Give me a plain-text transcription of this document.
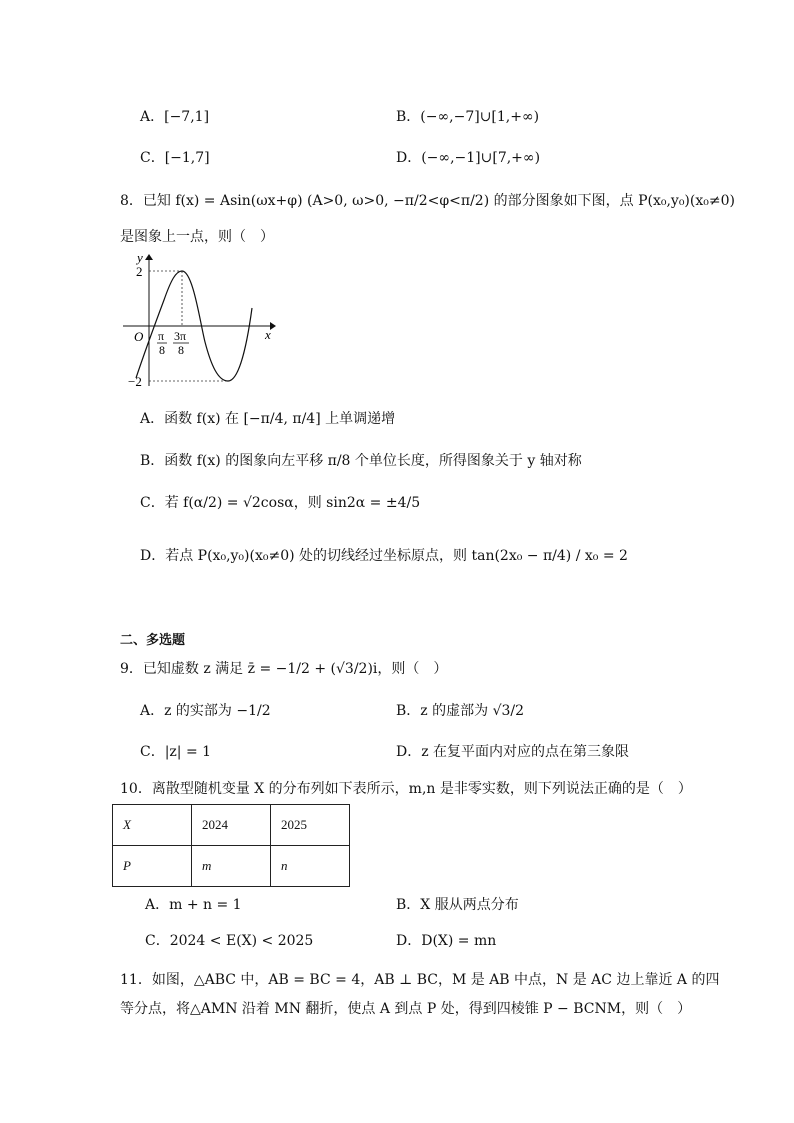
A．[−7,1]	B．(−∞,−7]∪[1,+∞)
C．[−1,7]	D．(−∞,−1]∪[7,+∞)
8．已知 f(x) = Asin(ωx+φ) (A>0, ω>0, −π/2<φ<π/2) 的部分图象如下图，点 P(x₀,y₀)(x₀≠0)
是图象上一点，则（　）
y
x
O
2
−2
π
8
3π
8
A．函数 f(x) 在 [−π/4, π/4] 上单调递增
B．函数 f(x) 的图象向左平移 π/8 个单位长度，所得图象关于 y 轴对称
C．若 f(α/2) = √2cosα，则 sin2α = ±4/5
D．若点 P(x₀,y₀)(x₀≠0) 处的切线经过坐标原点，则 tan(2x₀ − π/4) / x₀ = 2
二、多选题
9．已知虚数 z 满足 z̄ = −1/2 + (√3/2)i，则（　）
A．z 的实部为 −1/2	B．z 的虚部为 √3/2
C．|z| = 1	D．z 在复平面内对应的点在第三象限
10．离散型随机变量 X 的分布列如下表所示，m,n 是非零实数，则下列说法正确的是（　）
X	2024	2025
P	m	n
A．m + n = 1	B．X 服从两点分布
C．2024 < E(X) < 2025	D．D(X) = mn
11．如图，△ABC 中，AB = BC = 4，AB ⊥ BC，M 是 AB 中点，N 是 AC 边上靠近 A 的四
等分点，将△AMN 沿着 MN 翻折，使点 A 到点 P 处，得到四棱锥 P − BCNM，则（　）
